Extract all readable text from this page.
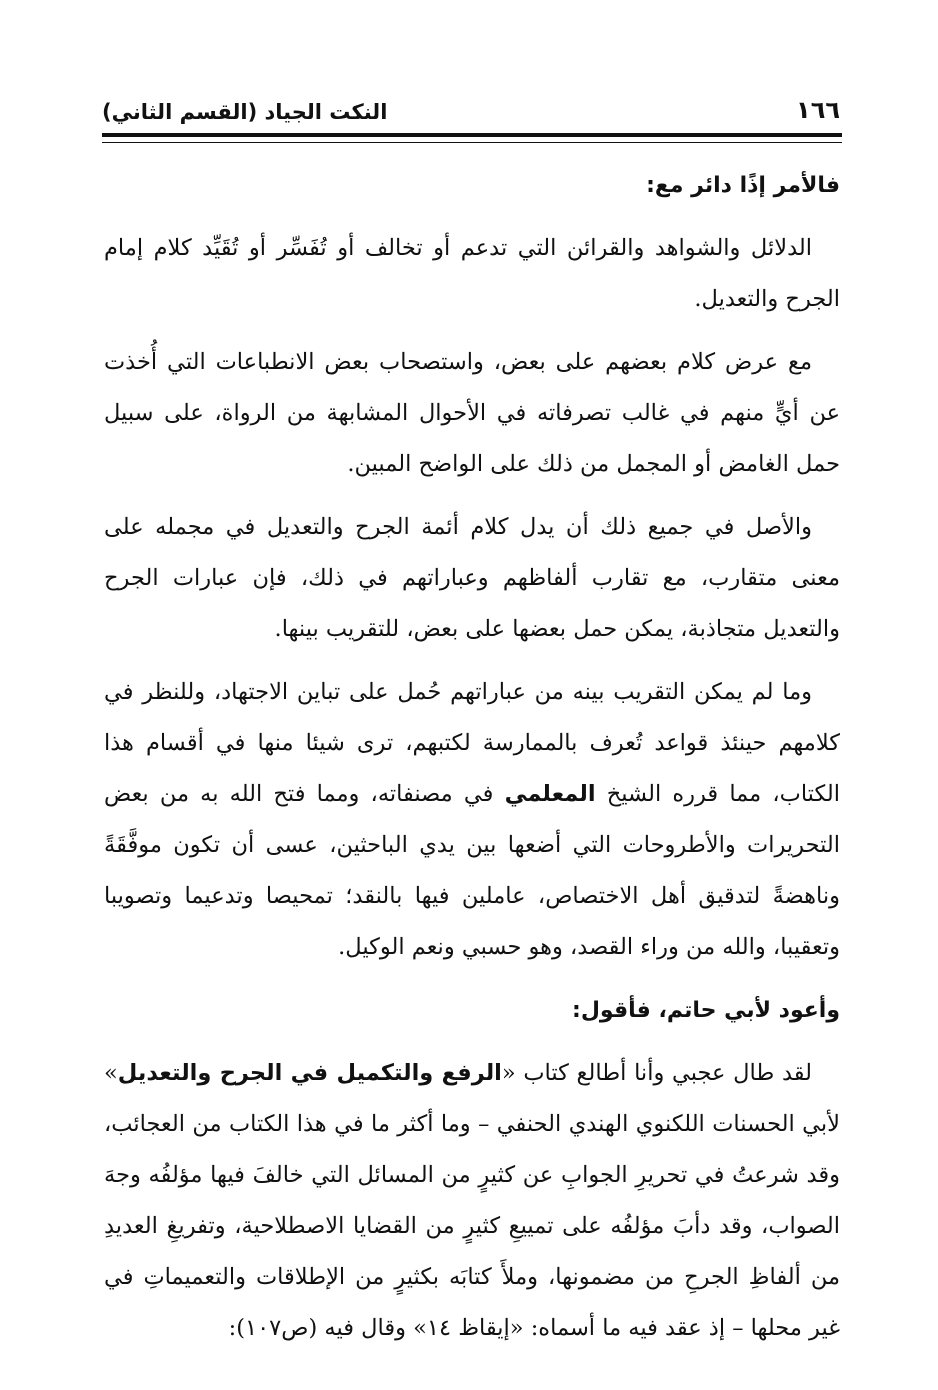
النكت الجياد (القسم الثاني)	١٦٦

فالأمر إذًا دائر مع:

الدلائل والشواهد والقرائن التي تدعم أو تخالف أو تُفَسِّر أو تُقَيِّد كلام إمام الجرح والتعديل.

مع عرض كلام بعضهم على بعض، واستصحاب بعض الانطباعات التي أُخذت عن أيٍّ منهم في غالب تصرفاته في الأحوال المشابهة من الرواة، على سبيل حمل الغامض أو المجمل من ذلك على الواضح المبين.

والأصل في جميع ذلك أن يدل كلام أئمة الجرح والتعديل في مجمله على معنى متقارب، مع تقارب ألفاظهم وعباراتهم في ذلك، فإن عبارات الجرح والتعديل متجاذبة، يمكن حمل بعضها على بعض، للتقريب بينها.

وما لم يمكن التقريب بينه من عباراتهم حُمل على تباين الاجتهاد، وللنظر في كلامهم حينئذ قواعد تُعرف بالممارسة لكتبهم، ترى شيئا منها في أقسام هذا الكتاب، مما قرره الشيخ المعلمي في مصنفاته، ومما فتح الله به من بعض التحريرات والأطروحات التي أضعها بين يدي الباحثين، عسى أن تكون موفَّقَةً وناهضةً لتدقيق أهل الاختصاص، عاملين فيها بالنقد؛ تمحيصا وتدعيما وتصويبا وتعقيبا، والله من وراء القصد، وهو حسبي ونعم الوكيل.

وأعود لأبي حاتم، فأقول:

لقد طال عجبي وأنا أطالع كتاب «الرفع والتكميل في الجرح والتعديل» لأبي الحسنات اللكنوي الهندي الحنفي – وما أكثر ما في هذا الكتاب من العجائب، وقد شرعتُ في تحريرِ الجوابِ عن كثيرٍ من المسائل التي خالفَ فيها مؤلفُه وجهَ الصواب، وقد دأبَ مؤلفُه على تمييعِ كثيرٍ من القضايا الاصطلاحية، وتفريغِ العديدِ من ألفاظِ الجرحِ من مضمونها، وملأَ كتابَه بكثيرٍ من الإطلاقات والتعميماتِ في غير محلها – إذ عقد فيه ما أسماه: «إيقاظ ١٤» وقال فيه (ص١٠٧):
